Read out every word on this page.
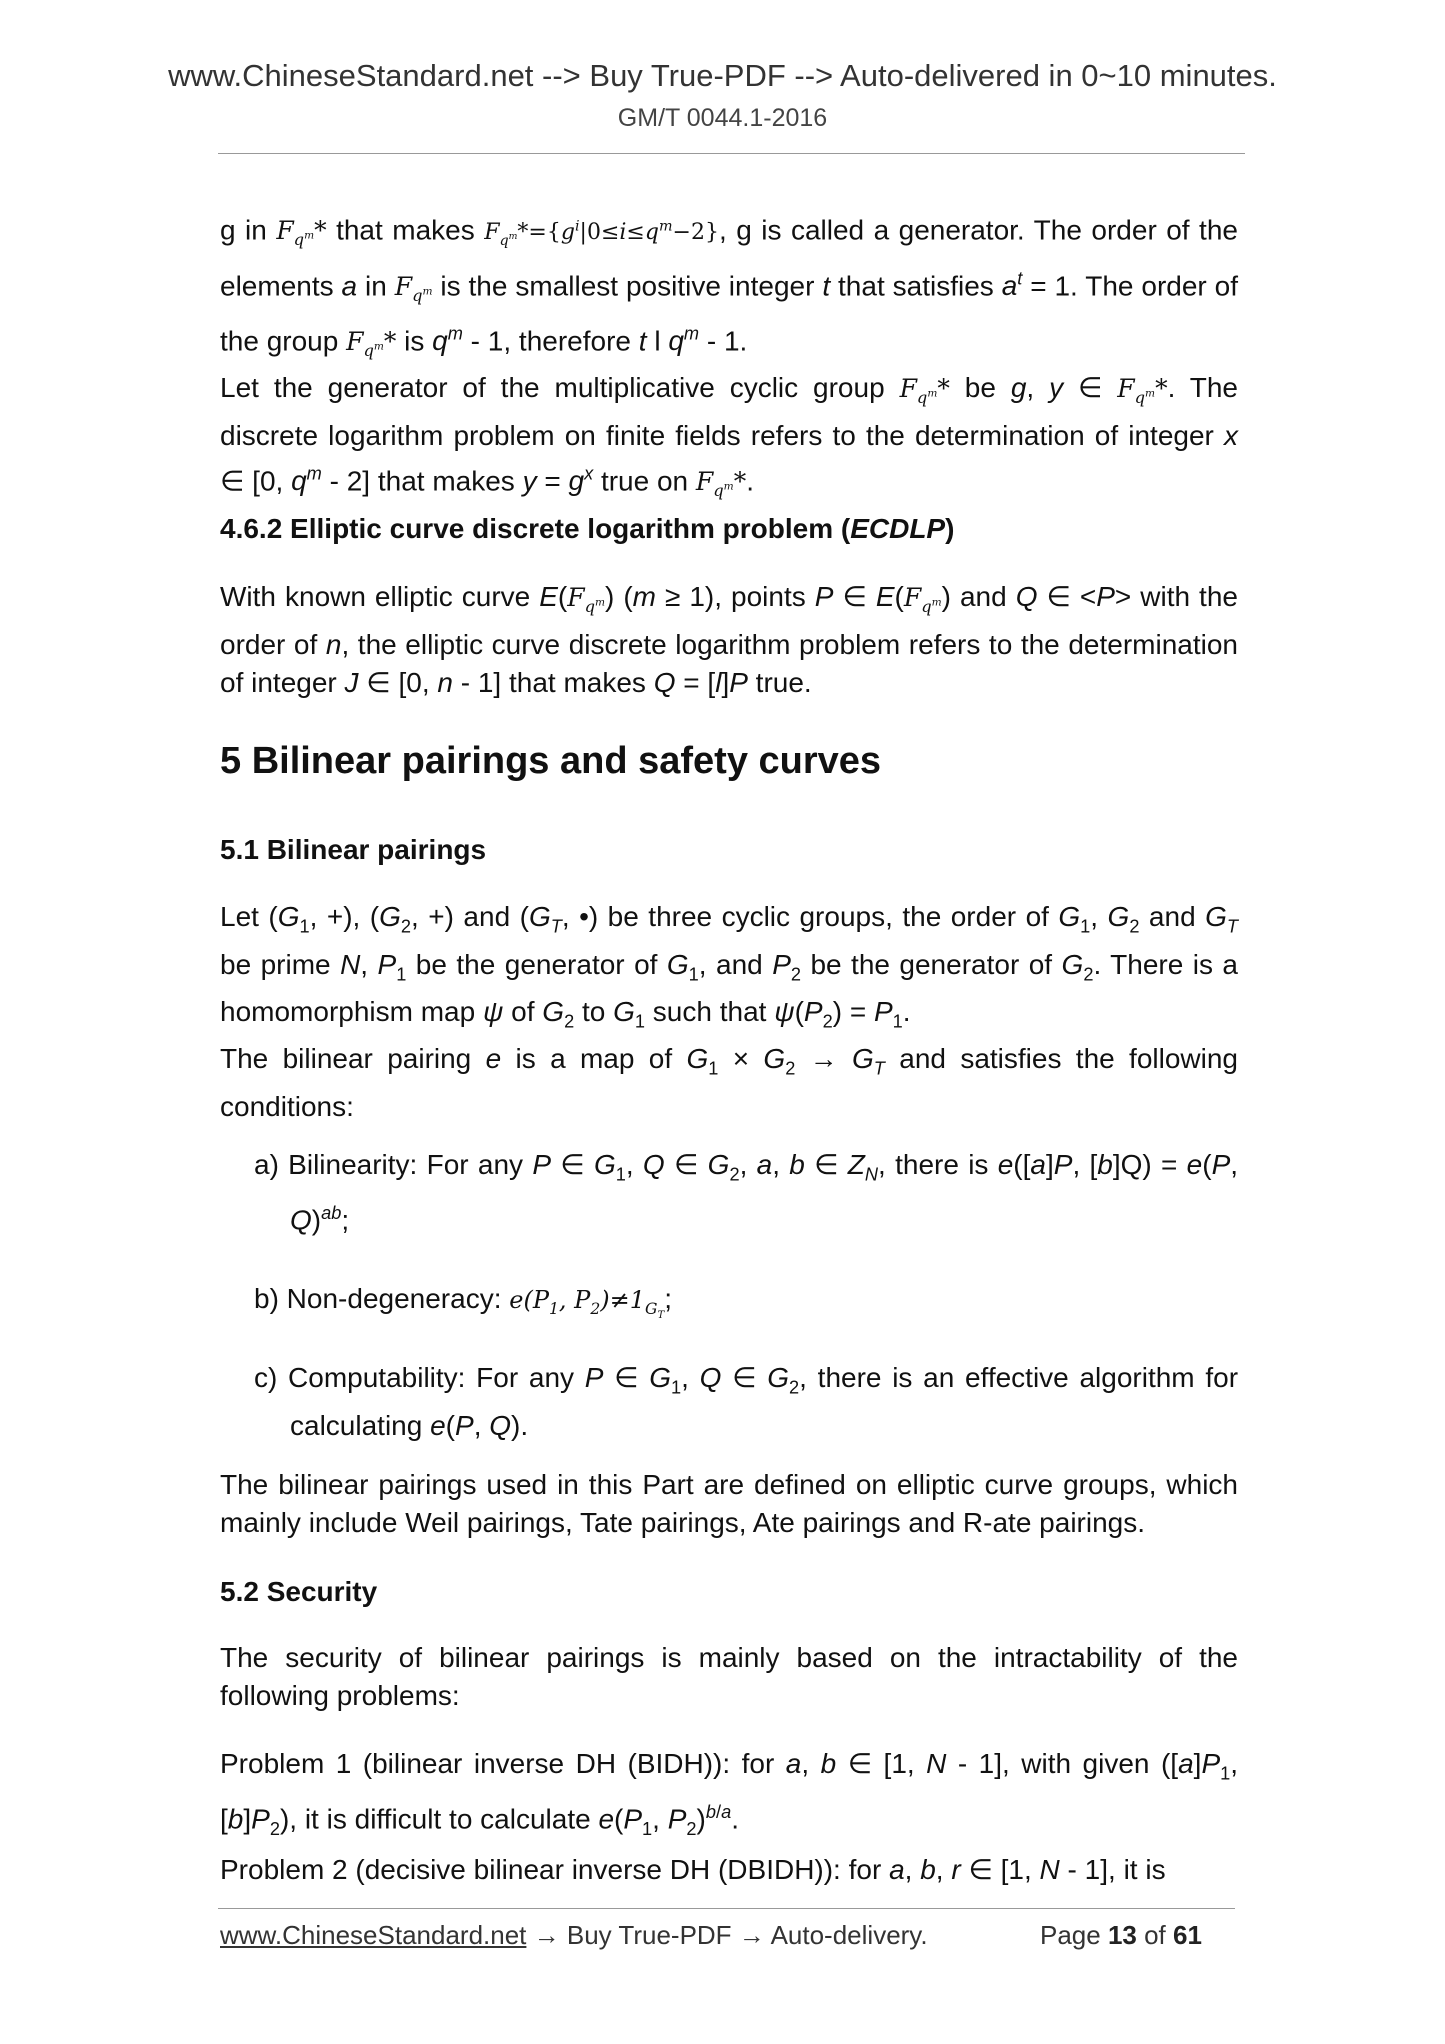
www.ChineseStandard.net --> Buy True-PDF --> Auto-delivered in 0~10 minutes.
GM/T 0044.1-2016
g in $F_{q^m}*$ that makes $F_{q^m}*=\{g^i|0\le i\le q^m-2\}$, g is called a generator. The order of the elements a in $F_{q^m}$ is the smallest positive integer t that satisfies $a^t = 1$. The order of the group $F_{q^m}*$ is $q^m - 1$, therefore t l $q^m - 1$.
Let the generator of the multiplicative cyclic group $F_{q^m}*$ be g, y ∈ $F_{q^m}*$. The discrete logarithm problem on finite fields refers to the determination of integer x ∈ [0, $q^m - 2$] that makes $y = g^x$ true on $F_{q^m}*$.
4.6.2 Elliptic curve discrete logarithm problem (ECDLP)
With known elliptic curve $E(F_{q^m}) (m \ge 1)$, points P ∈ $E(F_{q^m})$ and Q ∈ <P> with the order of n, the elliptic curve discrete logarithm problem refers to the determination of integer J ∈ [0, n - 1] that makes Q = [l]P true.
5 Bilinear pairings and safety curves
5.1 Bilinear pairings
Let ($G_1$, +), ($G_2$, +) and ($G_T$, •) be three cyclic groups, the order of $G_1$, $G_2$ and $G_T$ be prime N, $P_1$ be the generator of $G_1$, and $P_2$ be the generator of $G_2$. There is a homomorphism map ψ of $G_2$ to $G_1$ such that $\psi(P_2) = P_1$.
The bilinear pairing e is a map of $G_1 \times G_2 \to G_T$ and satisfies the following conditions:
a) Bilinearity: For any P ∈ $G_1$, Q ∈ $G_2$, a, b ∈ $Z_N$, there is e([a]P, [b]Q) = e(P, Q)$^{ab}$;
b) Non-degeneracy: $e(P_1$, $P_2)\ne 1_{G_T}$;
c) Computability: For any P ∈ $G_1$, Q ∈ $G_2$, there is an effective algorithm for calculating e(P, Q).
The bilinear pairings used in this Part are defined on elliptic curve groups, which mainly include Weil pairings, Tate pairings, Ate pairings and R-ate pairings.
5.2 Security
The security of bilinear pairings is mainly based on the intractability of the following problems:
Problem 1 (bilinear inverse DH (BIDH)): for a, b ∈ [1, N - 1], with given ($[a]P_1$, $[b]P_2$), it is difficult to calculate $e(P_1$, $P_2)^{b/a}$.
Problem 2 (decisive bilinear inverse DH (DBIDH)): for a, b, r ∈ [1, N - 1], it is
www.ChineseStandard.net → Buy True-PDF → Auto-delivery.	Page 13 of 61
